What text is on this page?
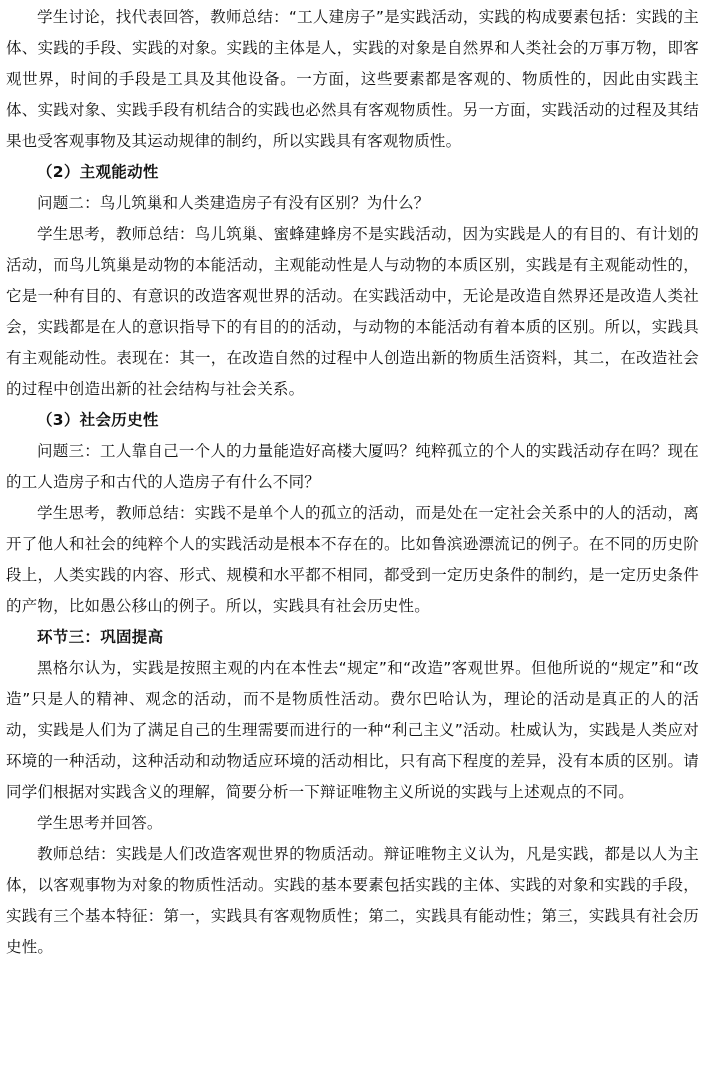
学生讨论，找代表回答，教师总结：“工人建房子”是实践活动，实践的构成要素包括：实践的主体、实践的手段、实践的对象。实践的主体是人，实践的对象是自然界和人类社会的万事万物，即客观世界，时间的手段是工具及其他设备。一方面，这些要素都是客观的、物质性的，因此由实践主体、实践对象、实践手段有机结合的实践也必然具有客观物质性。另一方面，实践活动的过程及其结果也受客观事物及其运动规律的制约，所以实践具有客观物质性。

（2）主观能动性

问题二：鸟儿筑巢和人类建造房子有没有区别？为什么？

学生思考，教师总结：鸟儿筑巢、蜜蜂建蜂房不是实践活动，因为实践是人的有目的、有计划的活动，而鸟儿筑巢是动物的本能活动，主观能动性是人与动物的本质区别，实践是有主观能动性的，它是一种有目的、有意识的改造客观世界的活动。在实践活动中，无论是改造自然界还是改造人类社会，实践都是在人的意识指导下的有目的的活动，与动物的本能活动有着本质的区别。所以，实践具有主观能动性。表现在：其一，在改造自然的过程中人创造出新的物质生活资料，其二，在改造社会的过程中创造出新的社会结构与社会关系。

（3）社会历史性

问题三：工人靠自己一个人的力量能造好高楼大厦吗？纯粹孤立的个人的实践活动存在吗？现在的工人造房子和古代的人造房子有什么不同？

学生思考，教师总结：实践不是单个人的孤立的活动，而是处在一定社会关系中的人的活动，离开了他人和社会的纯粹个人的实践活动是根本不存在的。比如鲁滨逊漂流记的例子。在不同的历史阶段上，人类实践的内容、形式、规模和水平都不相同，都受到一定历史条件的制约，是一定历史条件的产物，比如愚公移山的例子。所以，实践具有社会历史性。

环节三：巩固提高

黑格尔认为，实践是按照主观的内在本性去“规定”和“改造”客观世界。但他所说的“规定”和“改造”只是人的精神、观念的活动，而不是物质性活动。费尔巴哈认为，理论的活动是真正的人的活动，实践是人们为了满足自己的生理需要而进行的一种“利己主义”活动。杜威认为，实践是人类应对环境的一种活动，这种活动和动物适应环境的活动相比，只有高下程度的差异，没有本质的区别。请同学们根据对实践含义的理解，简要分析一下辩证唯物主义所说的实践与上述观点的不同。

学生思考并回答。

教师总结：实践是人们改造客观世界的物质活动。辩证唯物主义认为，凡是实践，都是以人为主体，以客观事物为对象的物质性活动。实践的基本要素包括实践的主体、实践的对象和实践的手段，实践有三个基本特征：第一，实践具有客观物质性；第二，实践具有能动性；第三，实践具有社会历史性。
